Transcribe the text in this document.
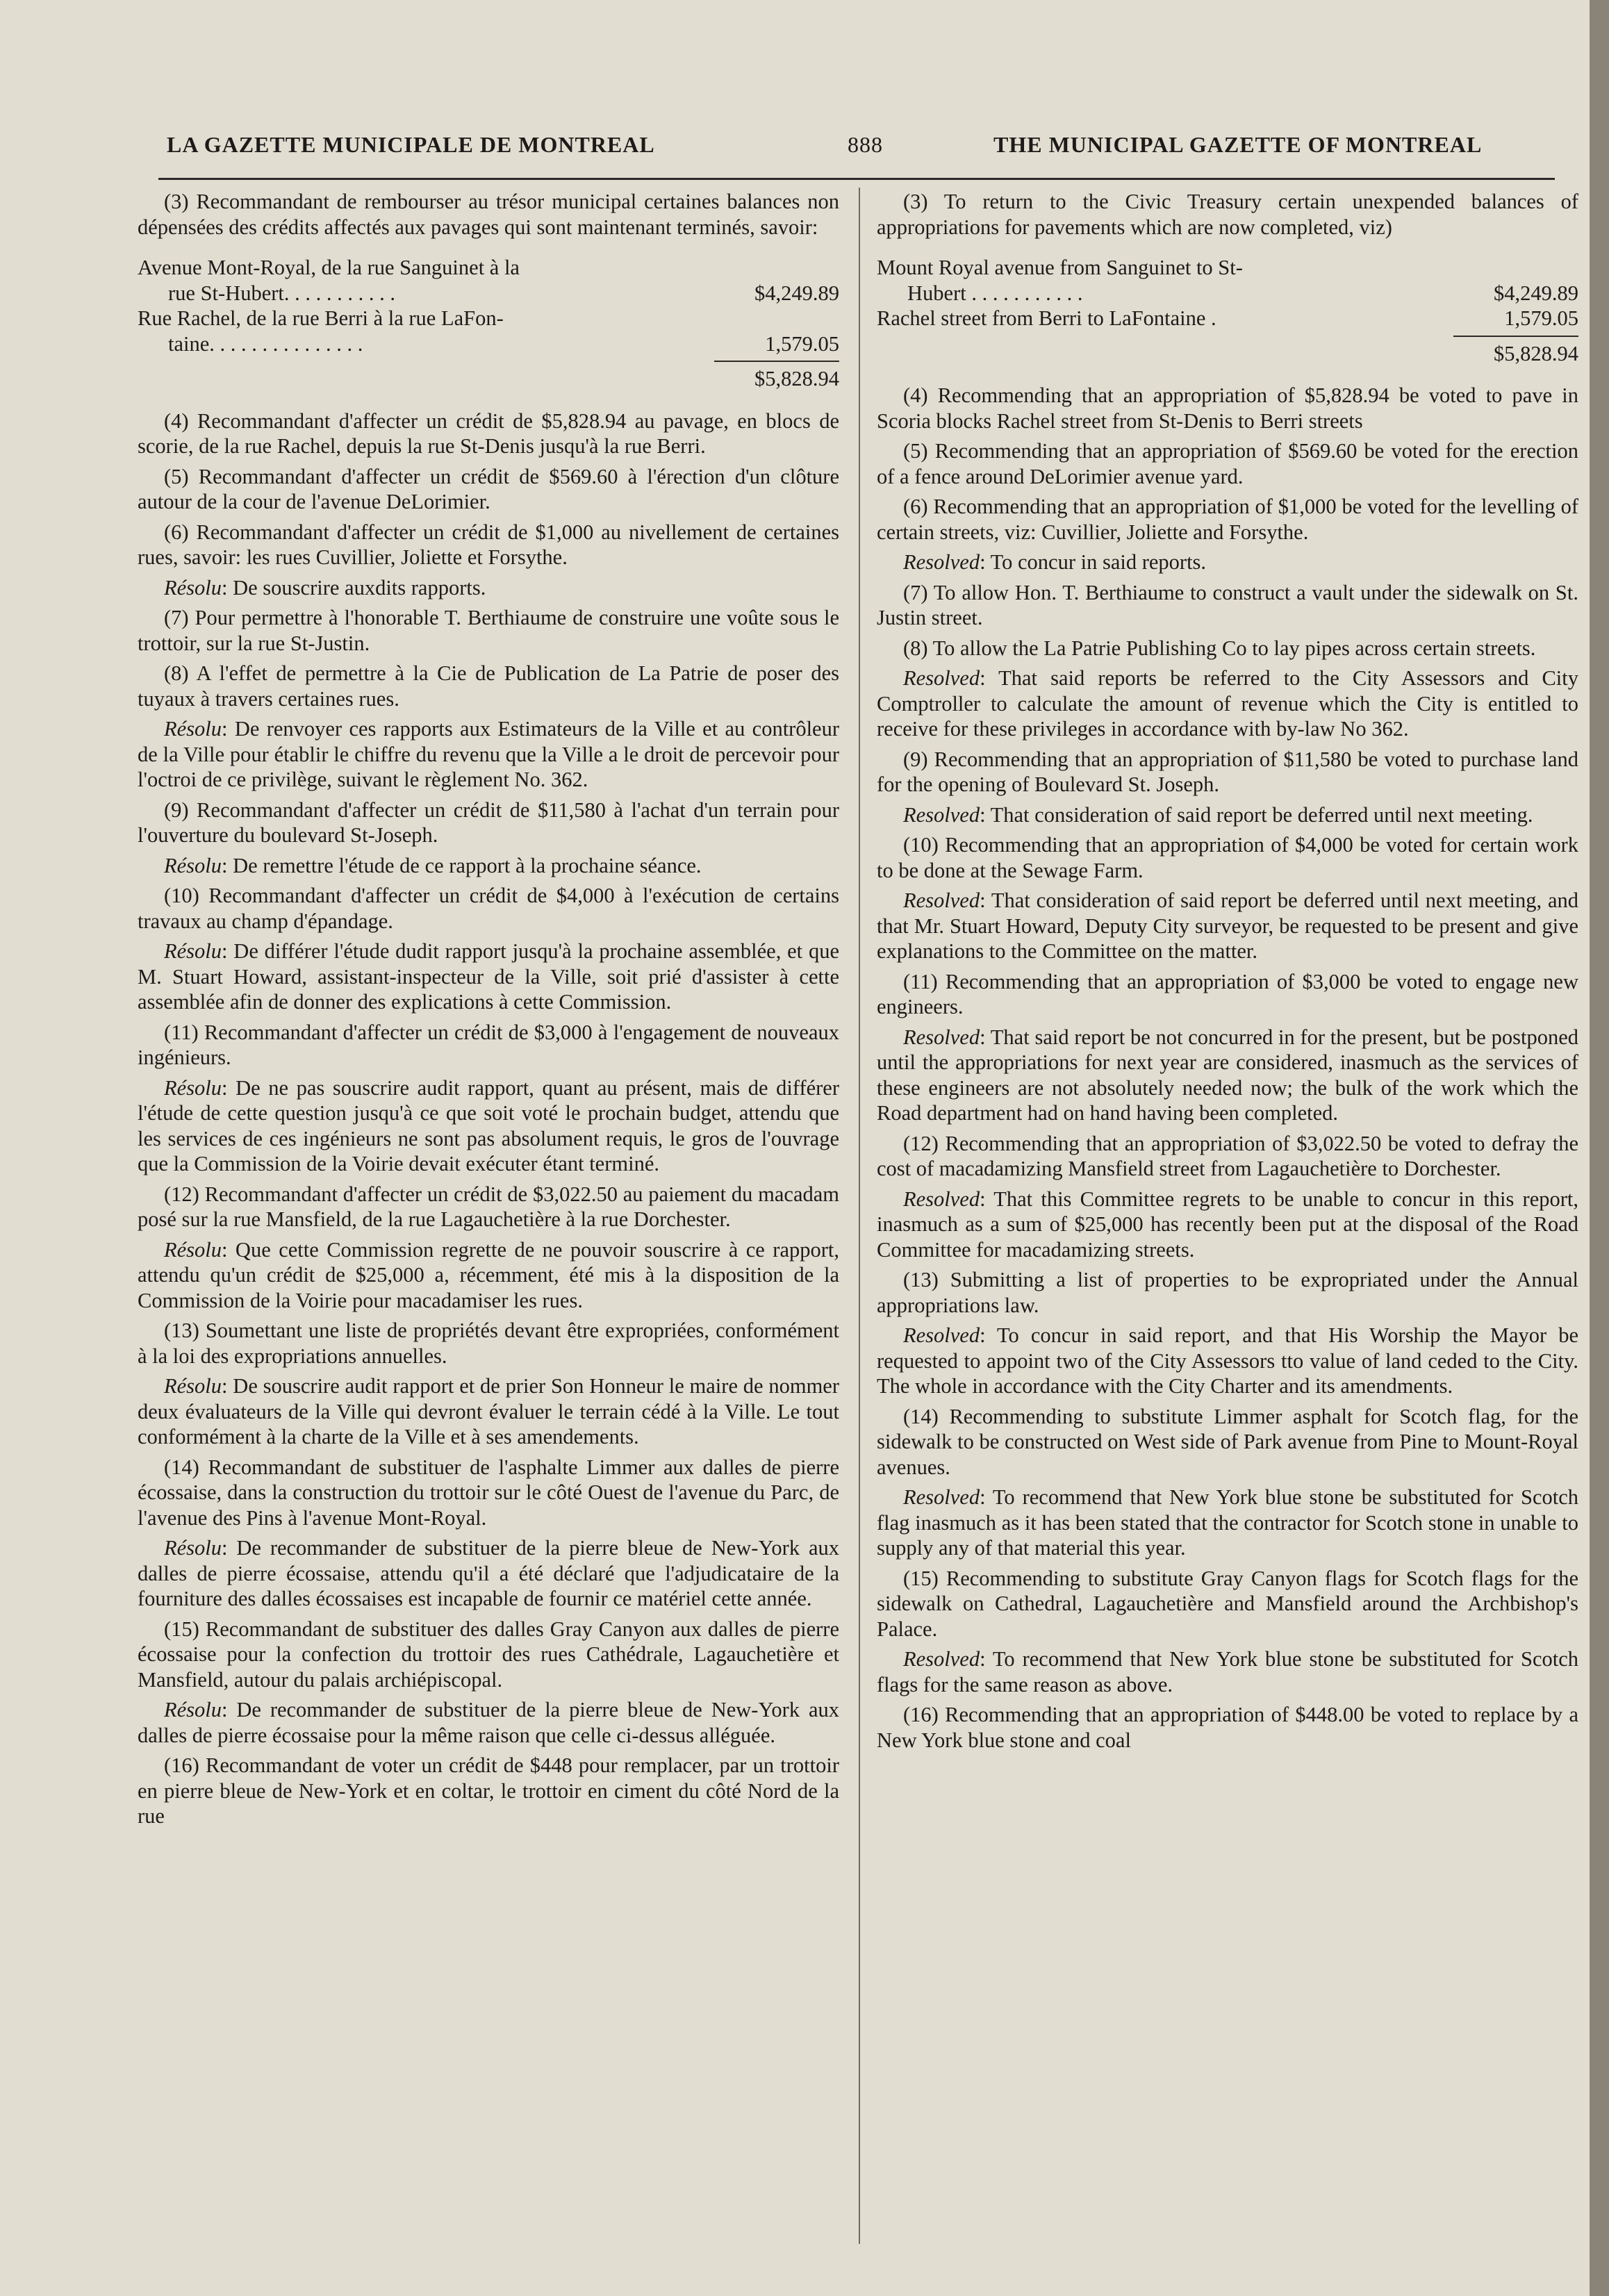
LA GAZETTE MUNICIPALE DE MONTREAL	888	THE MUNICIPAL GAZETTE OF MONTREAL

(3) Recommandant de rembourser au trésor municipal certaines balances non dépensées des crédits affectés aux pavages qui sont maintenant terminés, savoir:

Avenue Mont-Royal, de la rue Sanguinet à la
rue St-Hubert. . . . . . . . . . .	$4,249.89
Rue Rachel, de la rue Berri à la rue LaFon-
taine. . . . . . . . . . . . . . .	1,579.05
$5,828.94

(4) Recommandant d'affecter un crédit de $5,828.94 au pavage, en blocs de scorie, de la rue Rachel, depuis la rue St-Denis jusqu'à la rue Berri.

(5) Recommandant d'affecter un crédit de $569.60 à l'érection d'un clôture autour de la cour de l'avenue DeLorimier.

(6) Recommandant d'affecter un crédit de $1,000 au nivellement de certaines rues, savoir: les rues Cuvillier, Joliette et Forsythe.

Résolu: De souscrire auxdits rapports.

(7) Pour permettre à l'honorable T. Berthiaume de construire une voûte sous le trottoir, sur la rue St-Justin.

(8) A l'effet de permettre à la Cie de Publication de La Patrie de poser des tuyaux à travers certaines rues.

Résolu: De renvoyer ces rapports aux Estimateurs de la Ville et au contrôleur de la Ville pour établir le chiffre du revenu que la Ville a le droit de percevoir pour l'octroi de ce privilège, suivant le règlement No. 362.

(9) Recommandant d'affecter un crédit de $11,580 à l'achat d'un terrain pour l'ouverture du boulevard St-Joseph.

Résolu: De remettre l'étude de ce rapport à la prochaine séance.

(10) Recommandant d'affecter un crédit de $4,000 à l'exécution de certains travaux au champ d'épandage.

Résolu: De différer l'étude dudit rapport jusqu'à la prochaine assemblée, et que M. Stuart Howard, assistant-inspecteur de la Ville, soit prié d'assister à cette assemblée afin de donner des explications à cette Commission.

(11) Recommandant d'affecter un crédit de $3,000 à l'engagement de nouveaux ingénieurs.

Résolu: De ne pas souscrire audit rapport, quant au présent, mais de différer l'étude de cette question jusqu'à ce que soit voté le prochain budget, attendu que les services de ces ingénieurs ne sont pas absolument requis, le gros de l'ouvrage que la Commission de la Voirie devait exécuter étant terminé.

(12) Recommandant d'affecter un crédit de $3,022.50 au paiement du macadam posé sur la rue Mansfield, de la rue Lagauchetière à la rue Dorchester.

Résolu: Que cette Commission regrette de ne pouvoir souscrire à ce rapport, attendu qu'un crédit de $25,000 a, récemment, été mis à la disposition de la Commission de la Voirie pour macadamiser les rues.

(13) Soumettant une liste de propriétés devant être expropriées, conformément à la loi des expropriations annuelles.

Résolu: De souscrire audit rapport et de prier Son Honneur le maire de nommer deux évaluateurs de la Ville qui devront évaluer le terrain cédé à la Ville. Le tout conformément à la charte de la Ville et à ses amendements.

(14) Recommandant de substituer de l'asphalte Limmer aux dalles de pierre écossaise, dans la construction du trottoir sur le côté Ouest de l'avenue du Parc, de l'avenue des Pins à l'avenue Mont-Royal.

Résolu: De recommander de substituer de la pierre bleue de New-York aux dalles de pierre écossaise, attendu qu'il a été déclaré que l'adjudicataire de la fourniture des dalles écossaises est incapable de fournir ce matériel cette année.

(15) Recommandant de substituer des dalles Gray Canyon aux dalles de pierre écossaise pour la confection du trottoir des rues Cathédrale, Lagauchetière et Mansfield, autour du palais archiépiscopal.

Résolu: De recommander de substituer de la pierre bleue de New-York aux dalles de pierre écossaise pour la même raison que celle ci-dessus alléguée.

(16) Recommandant de voter un crédit de $448 pour remplacer, par un trottoir en pierre bleue de New-York et en coltar, le trottoir en ciment du côté Nord de la rue

(3) To return to the Civic Treasury certain unexpended balances of appropriations for pavements which are now completed, viz)

Mount Royal avenue from Sanguinet to St-
Hubert . . . . . . . . . . .	$4,249.89
Rachel street from Berri to LaFontaine .	1,579.05
$5,828.94

(4) Recommending that an appropriation of $5,828.94 be voted to pave in Scoria blocks Rachel street from St-Denis to Berri streets

(5) Recommending that an appropriation of $569.60 be voted for the erection of a fence around DeLorimier avenue yard.

(6) Recommending that an appropriation of $1,000 be voted for the levelling of certain streets, viz: Cuvillier, Joliette and Forsythe.

Resolved: To concur in said reports.

(7) To allow Hon. T. Berthiaume to construct a vault under the sidewalk on St. Justin street.

(8) To allow the La Patrie Publishing Co to lay pipes across certain streets.

Resolved: That said reports be referred to the City Assessors and City Comptroller to calculate the amount of revenue which the City is entitled to receive for these privileges in accordance with by-law No 362.

(9) Recommending that an appropriation of $11,580 be voted to purchase land for the opening of Boulevard St. Joseph.

Resolved: That consideration of said report be deferred until next meeting.

(10) Recommending that an appropriation of $4,000 be voted for certain work to be done at the Sewage Farm.

Resolved: That consideration of said report be deferred until next meeting, and that Mr. Stuart Howard, Deputy City surveyor, be requested to be present and give explanations to the Committee on the matter.

(11) Recommending that an appropriation of $3,000 be voted to engage new engineers.

Resolved: That said report be not concurred in for the present, but be postponed until the appropriations for next year are considered, inasmuch as the services of these engineers are not absolutely needed now; the bulk of the work which the Road department had on hand having been completed.

(12) Recommending that an appropriation of $3,022.50 be voted to defray the cost of macadamizing Mansfield street from Lagauchetière to Dorchester.

Resolved: That this Committee regrets to be unable to concur in this report, inasmuch as a sum of $25,000 has recently been put at the disposal of the Road Committee for macadamizing streets.

(13) Submitting a list of properties to be expropriated under the Annual appropriations law.

Resolved: To concur in said report, and that His Worship the Mayor be requested to appoint two of the City Assessors tto value of land ceded to the City. The whole in accordance with the City Charter and its amendments.

(14) Recommending to substitute Limmer asphalt for Scotch flag, for the sidewalk to be constructed on West side of Park avenue from Pine to Mount-Royal avenues.

Resolved: To recommend that New York blue stone be substituted for Scotch flag inasmuch as it has been stated that the contractor for Scotch stone in unable to supply any of that material this year.

(15) Recommending to substitute Gray Canyon flags for Scotch flags for the sidewalk on Cathedral, Lagauchetière and Mansfield around the Archbishop's Palace.

Resolved: To recommend that New York blue stone be substituted for Scotch flags for the same reason as above.

(16) Recommending that an appropriation of $448.00 be voted to replace by a New York blue stone and coal
